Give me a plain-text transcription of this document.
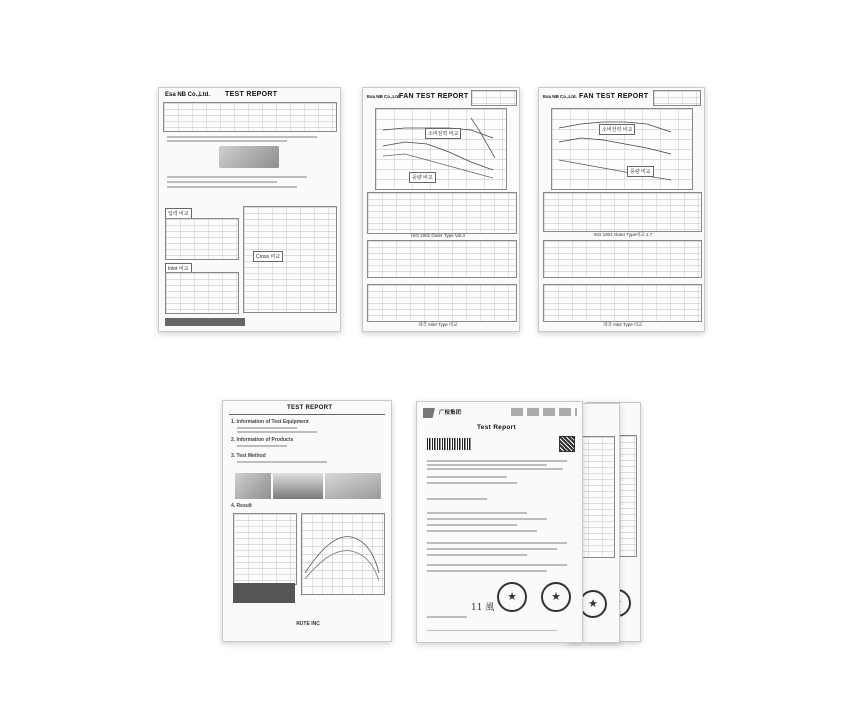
Esa NB Co.,Ltd. TEST REPORT
입력 비교
Inlet 비교
Cross 비교
Esa NB Co.,Ltd.
FAN TEST REPORT
소비전력 비교
풍량 비교
ISO 1901 Outer Type Vol.4
좌측 Inlet Type 비교
Esa NB Co.,Ltd. FAN TEST REPORT
소비전력 비교
풍량 비교
ISO 1901 Outer Type비교 2.7
좌측 Inlet Type 비교
TEST REPORT
1. Information of Test Equipment
2. Information of Products
3. Test Method
4. Result
RUTE INC
★
★
广检集团
Test Report
★
★
11 風
